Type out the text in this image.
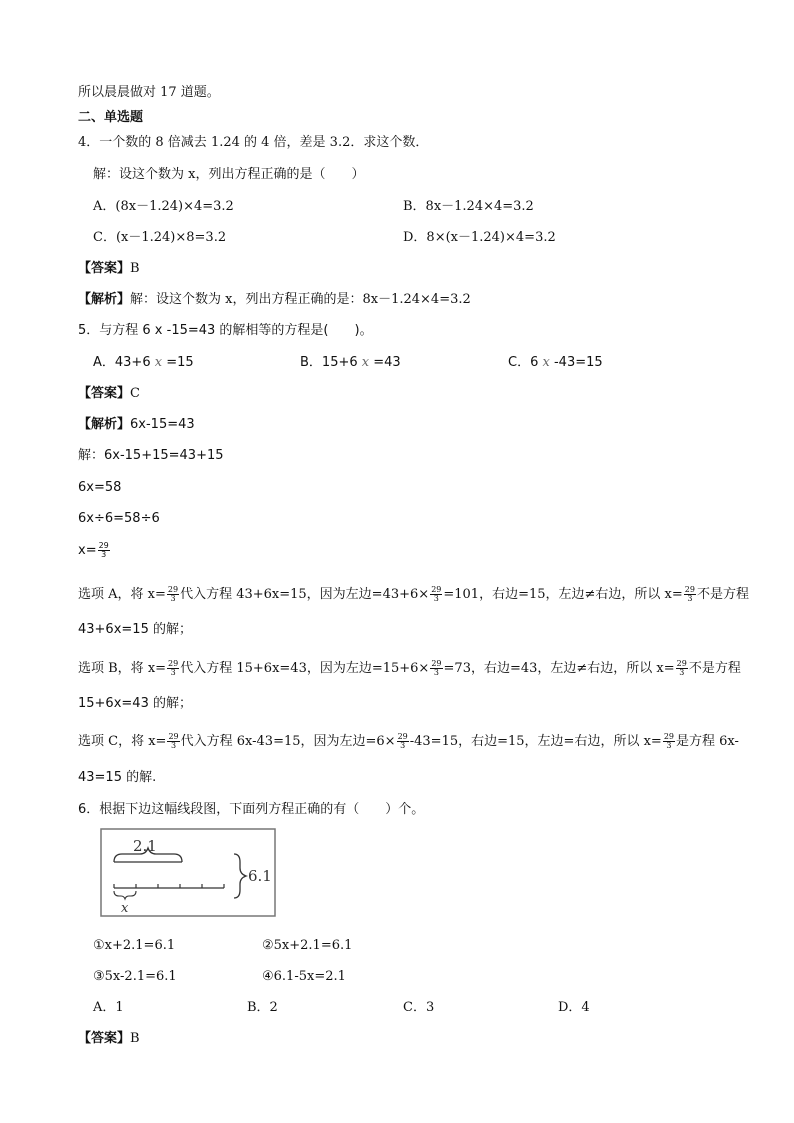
所以晨晨做对 17 道题。
二、单选题
4．一个数的 8 倍减去 1.24 的 4 倍，差是 3.2．求这个数．
解：设这个数为 x，列出方程正确的是（　　）
A．(8x－1.24)×4=3.2	B．8x－1.24×4=3.2
C．(x－1.24)×8=3.2	D．8×(x－1.24)×4=3.2
【答案】B
【解析】解：设这个数为 x，列出方程正确的是：8x－1.24×4=3.2
5．与方程 6 x -15=43 的解相等的方程是(　　)。
A．43+6 x =15	B．15+6 x =43	C．6 x -43=15
【答案】C
【解析】6x-15=43
解：6x-15+15=43+15
6x=58
6x÷6=58÷6
$x= \frac{29}{3}$
选项 A，将 $x= \frac{29}{3}$ 代入方程 43+6x=15，因为左边$=43+6\times \frac{29}{3} =101$，右边=15，左边≠右边，所以 $x= \frac{29}{3}$ 不是方程
43+6x=15 的解；
选项 B，将 $x= \frac{29}{3}$ 代入方程 15+6x=43，因为左边$=15+6\times \frac{29}{3} =73$，右边=43，左边≠右边，所以 $x= \frac{29}{3}$ 不是方程
15+6x=43 的解；
选项 C，将 $x= \frac{29}{3}$ 代入方程 6x-43=15，因为左边$=6\times \frac{29}{3} -43=15$，右边=15，左边=右边，所以 $x= \frac{29}{3}$ 是方程 6x-
43=15 的解.
6．根据下边这幅线段图，下面列方程正确的有（　　）个。
2.1
6.1
x
①x+2.1=6.1	②5x+2.1=6.1
③5x-2.1=6.1	④6.1-5x=2.1
A．1	B．2	C．3	D．4
【答案】B
